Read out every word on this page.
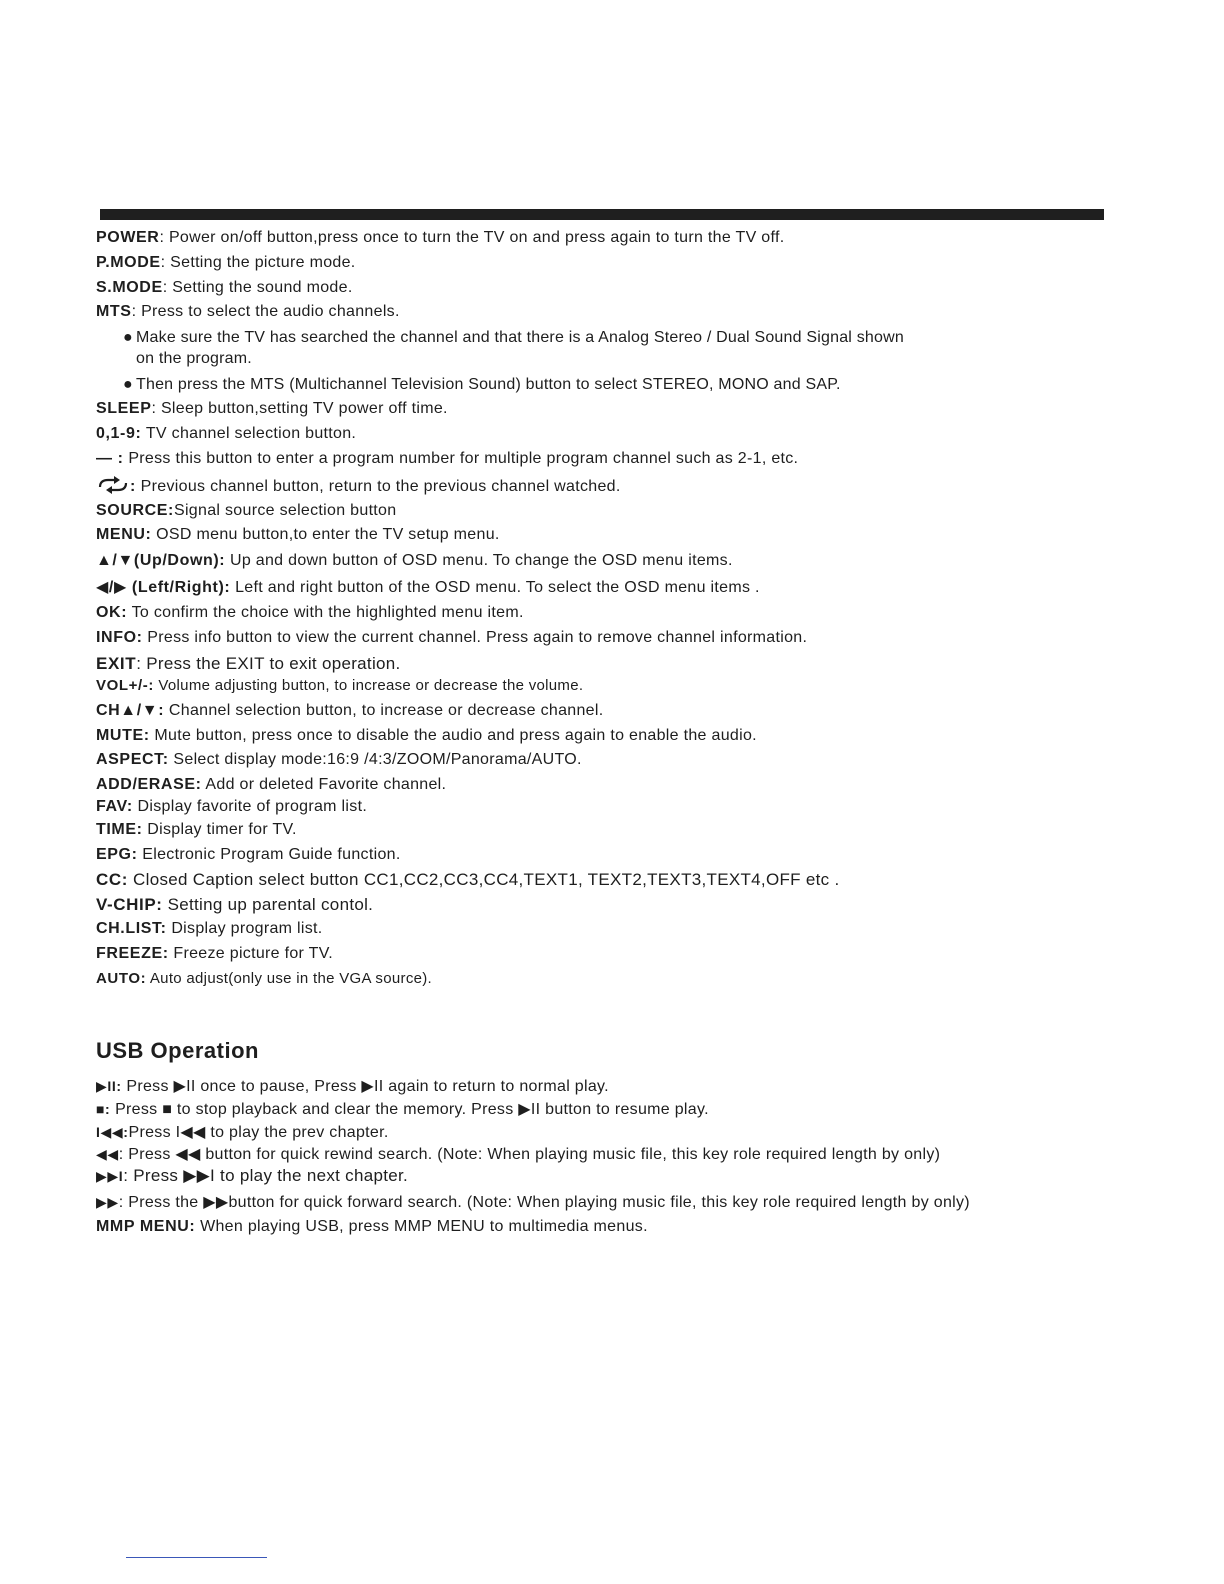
POWER: Power on/off button,press once to turn the TV on and press again to turn the TV off.
P.MODE: Setting the picture mode.
S.MODE: Setting the sound mode.
MTS: Press to select the audio channels.
● Make sure the TV has searched the channel and that there is a Analog Stereo / Dual Sound Signal shown
on the program.
● Then press the MTS (Multichannel Television Sound) button to select STEREO, MONO and SAP.
SLEEP: Sleep button,setting TV power off time.
0,1-9: TV channel selection button.
— : Press this button to enter a program number for multiple program channel such as 2-1, etc.
: Previous channel button, return to the previous channel watched.
SOURCE:Signal source selection button
MENU: OSD menu button,to enter the TV setup menu.
▲/▼(Up/Down): Up and down button of OSD menu. To change the OSD menu items.
◀/▶ (Left/Right): Left and right button of the OSD menu. To select the OSD menu items .
OK: To confirm the choice with the highlighted menu item.
INFO: Press info button to view the current channel. Press again to remove channel information.
EXIT: Press the EXIT to exit operation.
VOL+/-: Volume adjusting button, to increase or decrease the volume.
CH▲/▼: Channel selection button, to increase or decrease channel.
MUTE: Mute button, press once to disable the audio and press again to enable the audio.
ASPECT: Select display mode:16:9 /4:3/ZOOM/Panorama/AUTO.
ADD/ERASE: Add or deleted Favorite channel.
FAV: Display favorite of program list.
TIME: Display timer for TV.
EPG: Electronic Program Guide function.
CC: Closed Caption select button CC1,CC2,CC3,CC4,TEXT1, TEXT2,TEXT3,TEXT4,OFF etc .
V-CHIP: Setting up parental contol.
CH.LIST: Display program list.
FREEZE: Freeze picture for TV.
AUTO: Auto adjust(only use in the VGA source).
USB Operation
▶II: Press ▶II once to pause, Press ▶II again to return to normal play.
■: Press ■ to stop playback and clear the memory. Press ▶II button to resume play.
I◀◀:Press I◀◀ to play the prev chapter.
◀◀: Press ◀◀ button for quick rewind search. (Note: When playing music file, this key role required length by only)
▶▶I: Press ▶▶I to play the next chapter.
▶▶: Press the ▶▶button for quick forward search. (Note: When playing music file, this key role required length by only)
MMP MENU: When playing USB, press MMP MENU to multimedia menus.
